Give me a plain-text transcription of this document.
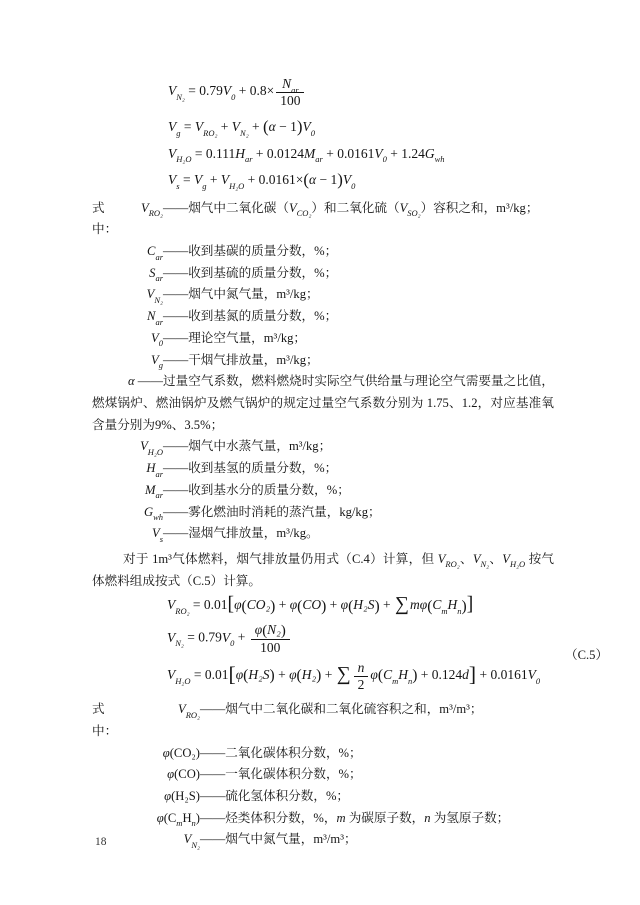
$V_{N_2} = 0.79V_0 + 0.8\times \frac{N_{ar}}{100}$
$V_g = V_{RO_2} + V_{N_2} + (\alpha - 1)V_0$
$V_{H_2O} = 0.111H_{ar} + 0.0124M_{ar} + 0.0161V_0 + 1.24G_{wh}$
$V_s = V_g + V_{H_2O} + 0.0161\times(\alpha - 1)V_0$
式中：
$V_{RO_2}$ ——烟气中二氧化碳$(V_{CO_2})$和二氧化硫$(V_{SO_2})$容积之和，m³/kg；
$C_{ar}$ ——收到基碳的质量分数，%；
$S_{ar}$ ——收到基硫的质量分数，%；
$V_{N_2}$ ——烟气中氮气量，m³/kg；
$N_{ar}$ ——收到基氮的质量分数，%；
$V_0$ ——理论空气量，m³/kg；
$V_g$ ——干烟气排放量，m³/kg；

α ——过量空气系数，燃料燃烧时实际空气供给量与理论空气需要量之比值，燃煤锅炉、燃油锅炉及燃气锅炉的规定过量空气系数分别为 1.75、1.2，对应基准氧含量分别为9%、3.5%；

$V_{H_2O}$ ——烟气中水蒸气量，m³/kg；
$H_{ar}$ ——收到基氢的质量分数，%；
$M_{ar}$ ——收到基水分的质量分数，%；
$G_{wh}$ ——雾化燃油时消耗的蒸汽量，kg/kg；
$V_s$ ——湿烟气排放量，m³/kg。

对于 1m³气体燃料，烟气排放量仍用式（C.4）计算，但 $V_{RO_2}$、$V_{N_2}$、$V_{H_2O}$ 按气体燃料组成按式（C.5）计算。

（C.5）
$V_{RO_2} = 0.01[\varphi(CO_2) + \varphi(CO) + \varphi(H_2S) + \sum m\varphi(C_mH_n)]$
$V_{N_2} = 0.79V_0 + \frac{\text{φ(N₂)}}{100}$
$V_{H_2O} = 0.01[\varphi(H_2S) + \varphi(H_2)$ + ∑ $\frac{n}{2} \varphi(C_mH_n) + 0.124d] + 0.0161V_0$
式中：
$V_{RO_2}$ ——烟气中二氧化碳和二氧化硫容积之和，m³/m³；
φ(CO₂) ——二氧化碳体积分数，%；
φ(CO) ——一氧化碳体积分数，%；
φ(H₂S) ——硫化氢体积分数，%；
$\varphi(C_mH_n)$ ——烃类体积分数，%，m 为碳原子数，n 为氢原子数；
$V_{N_2}$ ——烟气中氮气量，m³/m³；
18
